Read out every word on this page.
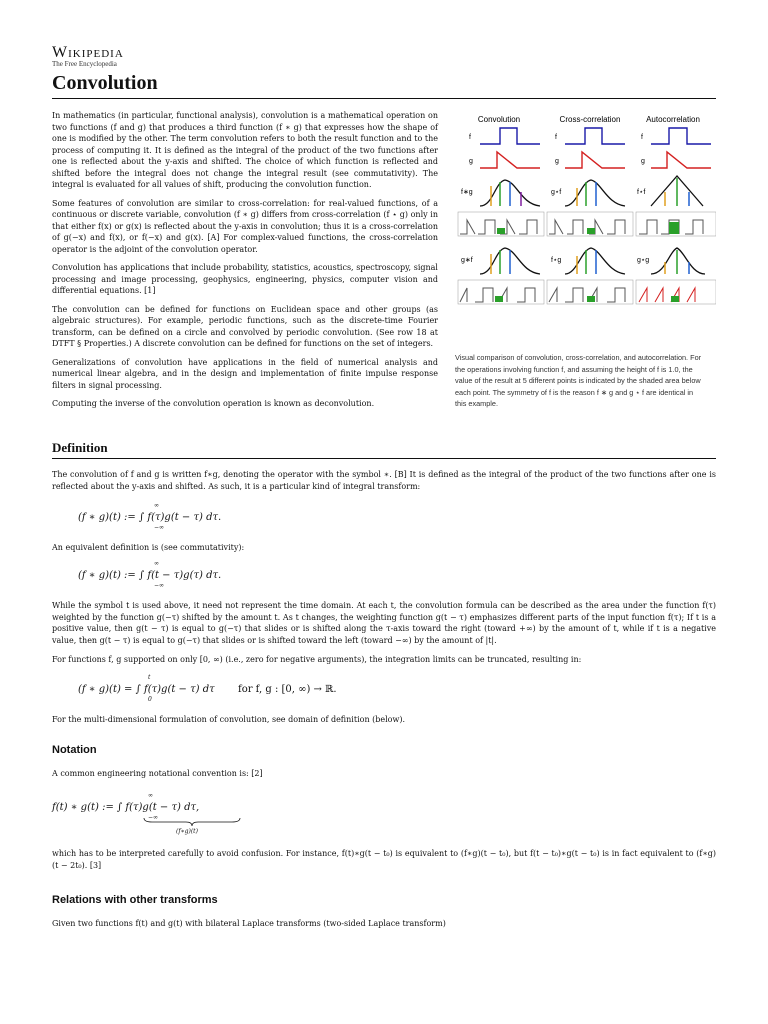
Wikipedia
The Free Encyclopedia
Convolution

In mathematics (in particular, functional analysis), convolution is a mathematical operation on two functions (f and g) that produces a third function (f ∗ g) that expresses how the shape of one is modified by the other. The term convolution refers to both the result function and to the process of computing it. It is defined as the integral of the product of the two functions after one is reflected about the y-axis and shifted. The choice of which function is reflected and shifted before the integral does not change the integral result (see commutativity). The integral is evaluated for all values of shift, producing the convolution function.

Some features of convolution are similar to cross-correlation: for real-valued functions, of a continuous or discrete variable, convolution (f ∗ g) differs from cross-correlation (f ⋆ g) only in that either f(x) or g(x) is reflected about the y-axis in convolution; thus it is a cross-correlation of g(−x) and f(x), or f(−x) and g(x). [A] For complex-valued functions, the cross-correlation operator is the adjoint of the convolution operator.

Convolution has applications that include probability, statistics, acoustics, spectroscopy, signal processing and image processing, geophysics, engineering, physics, computer vision and differential equations. [1]

The convolution can be defined for functions on Euclidean space and other groups (as algebraic structures). For example, periodic functions, such as the discrete-time Fourier transform, can be defined on a circle and convolved by periodic convolution. (See row 18 at DTFT § Properties.) A discrete convolution can be defined for functions on the set of integers.

Generalizations of convolution have applications in the field of numerical analysis and numerical linear algebra, and in the design and implementation of finite impulse response filters in signal processing.

Computing the inverse of the convolution operation is known as deconvolution.

Convolution	Cross-correlation	Autocorrelation
f
g
f∗g
g∗f
f
g
g⋆f
f⋆g
f
g
f⋆f
g⋆g
Visual comparison of convolution, cross-correlation, and autocorrelation. For the operations involving function f, and assuming the height of f is 1.0, the value of the result at 5 different points is indicated by the shaded area below each point. The symmetry of f is the reason f ∗ g and g ⋆ f are identical in this example.
Definition

The convolution of f and g is written f∗g, denoting the operator with the symbol ∗. [B] It is defined as the integral of the product of the two functions after one is reflected about the y-axis and shifted. As such, it is a particular kind of integral transform:

(f ∗ g)(t) := ∫ f(τ)g(t − τ) dτ.
∞
−∞

An equivalent definition is (see commutativity):

(f ∗ g)(t) := ∫ f(t − τ)g(τ) dτ.
∞
−∞

While the symbol t is used above, it need not represent the time domain. At each t, the convolution formula can be described as the area under the function f(τ) weighted by the function g(−τ) shifted by the amount t. As t changes, the weighting function g(t − τ) emphasizes different parts of the input function f(τ); If t is a positive value, then g(t − τ) is equal to g(−τ) that slides or is shifted along the τ-axis toward the right (toward +∞) by the amount of t, while if t is a negative value, then g(t − τ) is equal to g(−τ) that slides or is shifted toward the left (toward −∞) by the amount of |t|.

For functions f, g supported on only [0, ∞) (i.e., zero for negative arguments), the integration limits can be truncated, resulting in:

(f ∗ g)(t) = ∫ f(τ)g(t − τ) dτ
t
0
for f, g : [0, ∞) → ℝ.

For the multi-dimensional formulation of convolution, see domain of definition (below).

Notation

A common engineering notational convention is: [2]

f(t) ∗ g(t) := ∫ f(τ)g(t − τ) dτ,
∞
−∞
(f∗g)(t)

which has to be interpreted carefully to avoid confusion. For instance, f(t)∗g(t − t₀) is equivalent to (f∗g)(t − t₀), but f(t − t₀)∗g(t − t₀) is in fact equivalent to (f∗g)(t − 2t₀). [3]

Relations with other transforms

Given two functions f(t) and g(t) with bilateral Laplace transforms (two-sided Laplace transform)
